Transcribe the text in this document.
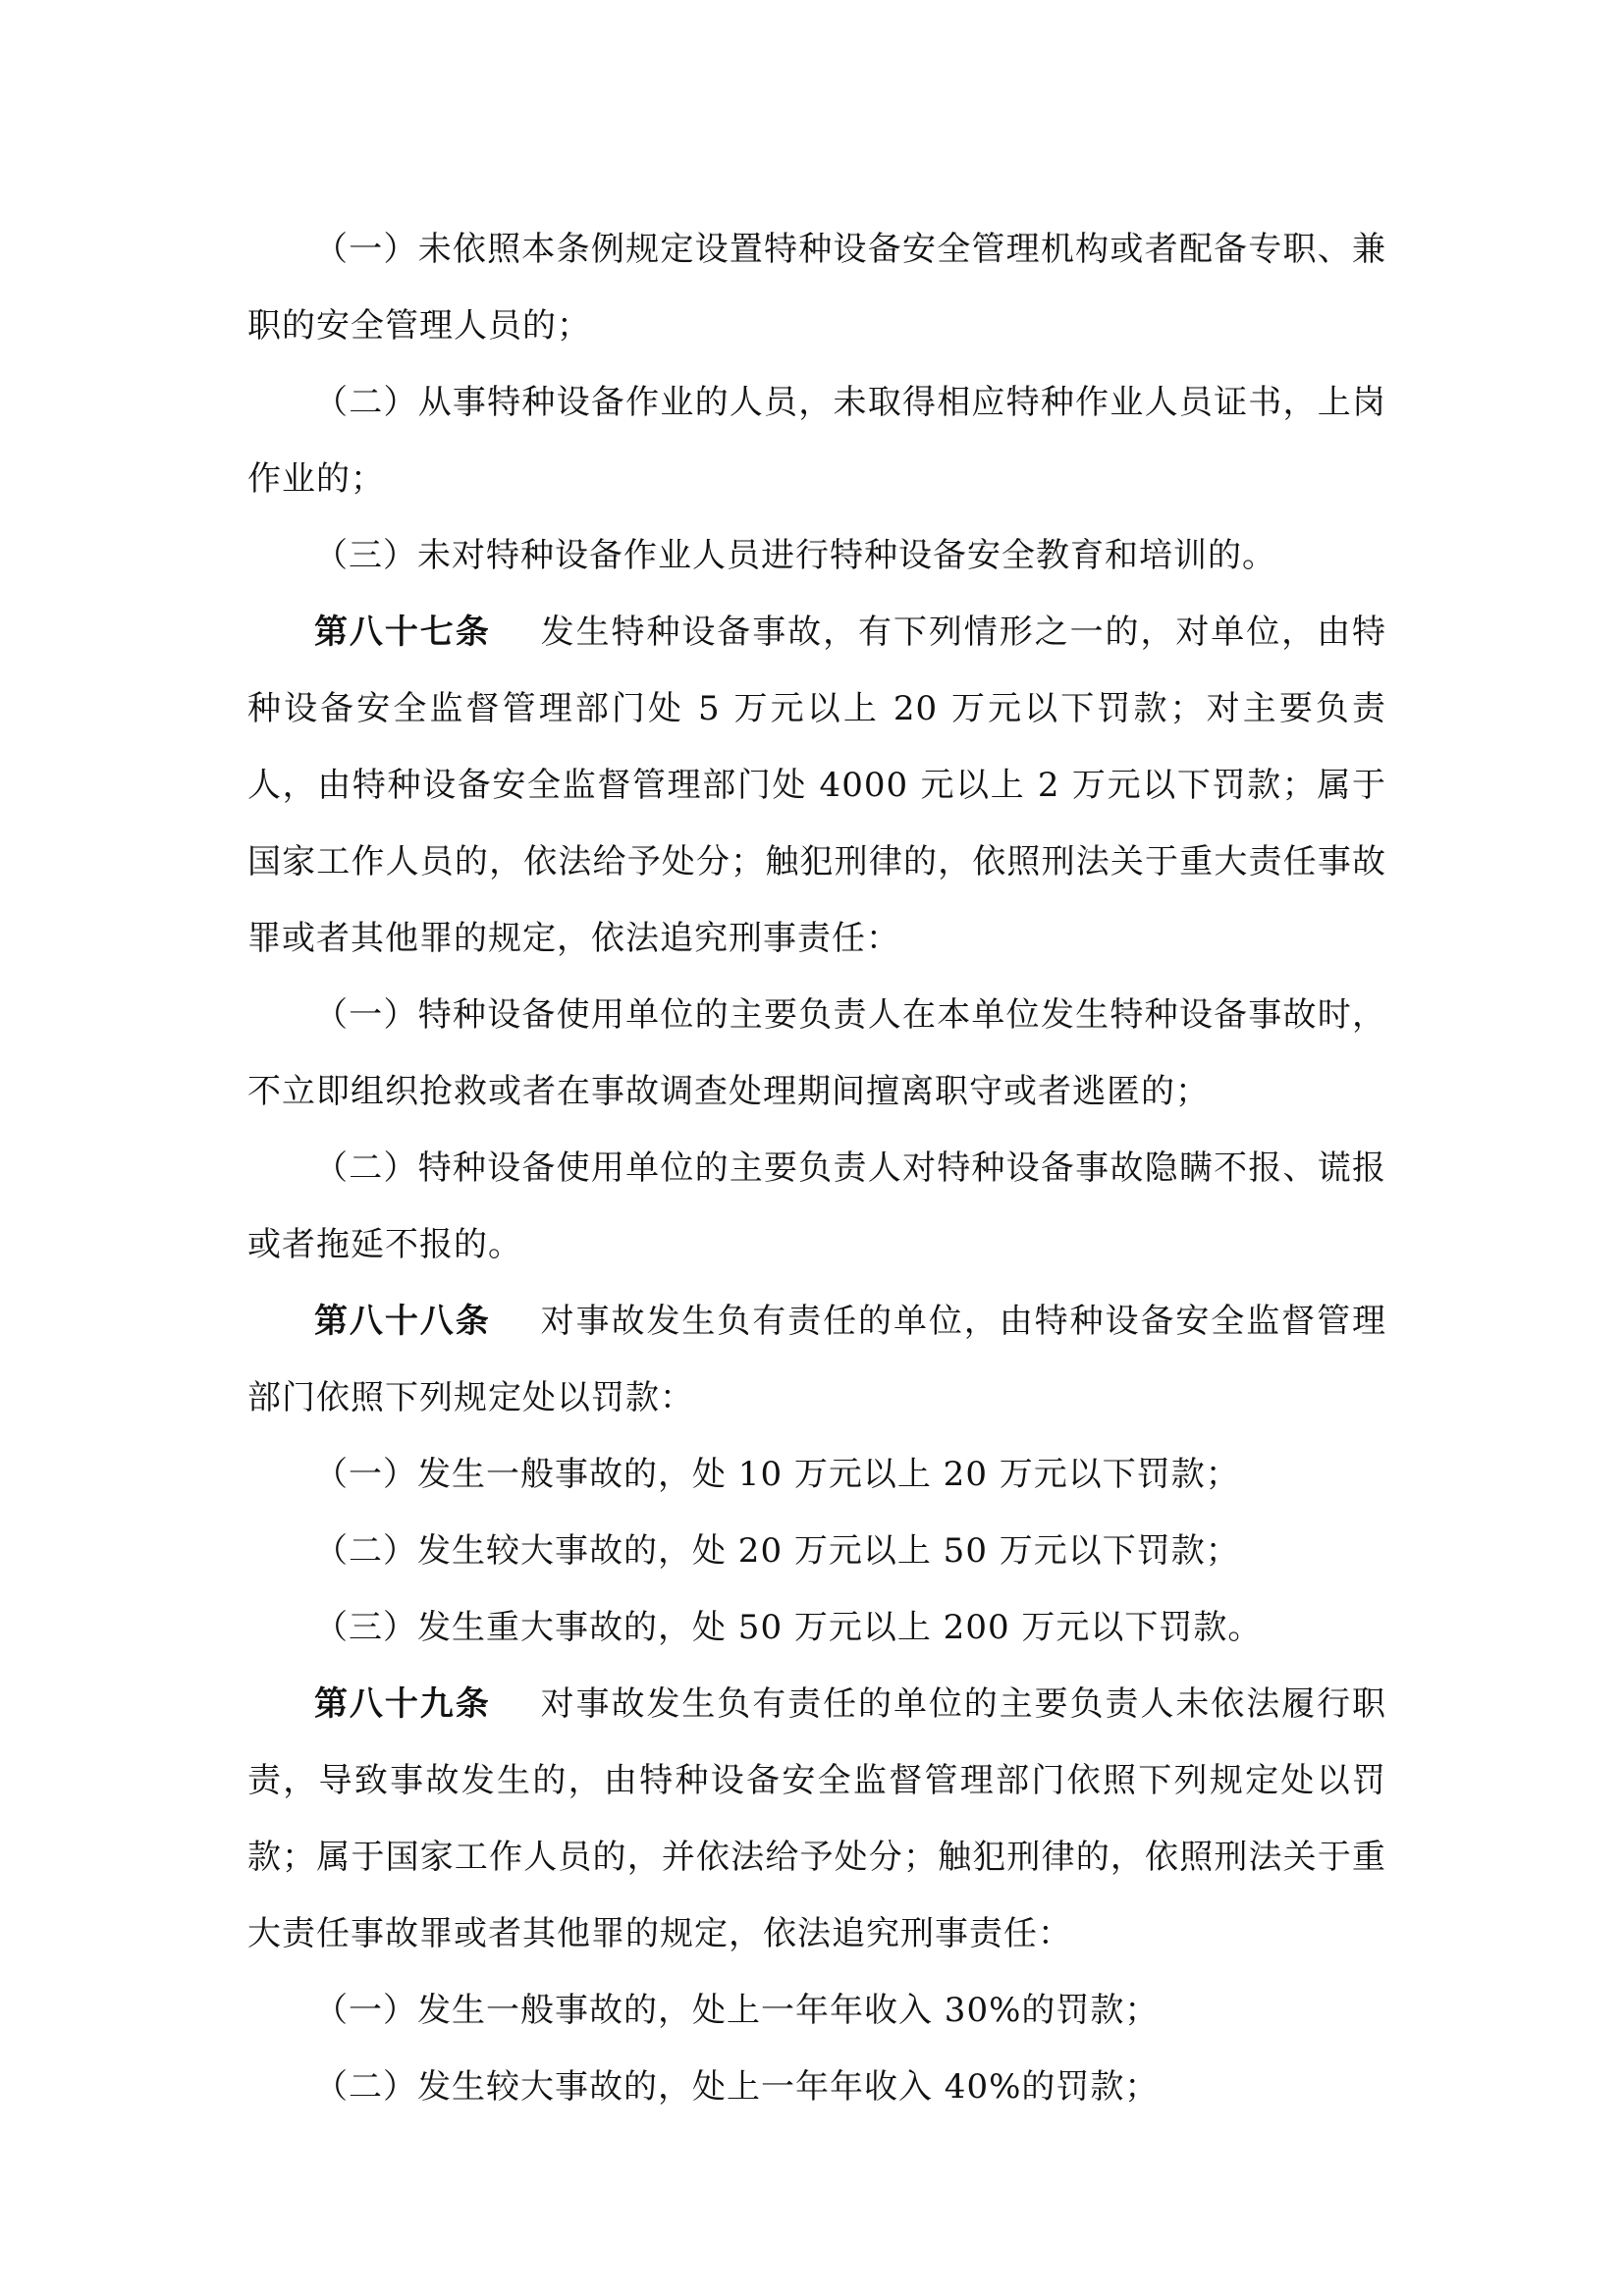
（一）未依照本条例规定设置特种设备安全管理机构或者配备专职、兼职的安全管理人员的；

（二）从事特种设备作业的人员，未取得相应特种作业人员证书，上岗作业的；

（三）未对特种设备作业人员进行特种设备安全教育和培训的。

第八十七条 发生特种设备事故，有下列情形之一的，对单位，由特种设备安全监督管理部门处 5 万元以上 20 万元以下罚款；对主要负责人，由特种设备安全监督管理部门处 4000 元以上 2 万元以下罚款；属于国家工作人员的，依法给予处分；触犯刑律的，依照刑法关于重大责任事故罪或者其他罪的规定，依法追究刑事责任：

（一）特种设备使用单位的主要负责人在本单位发生特种设备事故时，不立即组织抢救或者在事故调查处理期间擅离职守或者逃匿的；

（二）特种设备使用单位的主要负责人对特种设备事故隐瞒不报、谎报或者拖延不报的。

第八十八条 对事故发生负有责任的单位，由特种设备安全监督管理部门依照下列规定处以罚款：

（一）发生一般事故的，处 10 万元以上 20 万元以下罚款；

（二）发生较大事故的，处 20 万元以上 50 万元以下罚款；

（三）发生重大事故的，处 50 万元以上 200 万元以下罚款。

第八十九条 对事故发生负有责任的单位的主要负责人未依法履行职责，导致事故发生的，由特种设备安全监督管理部门依照下列规定处以罚款；属于国家工作人员的，并依法给予处分；触犯刑律的，依照刑法关于重大责任事故罪或者其他罪的规定，依法追究刑事责任：

（一）发生一般事故的，处上一年年收入 30%的罚款；

（二）发生较大事故的，处上一年年收入 40%的罚款；
